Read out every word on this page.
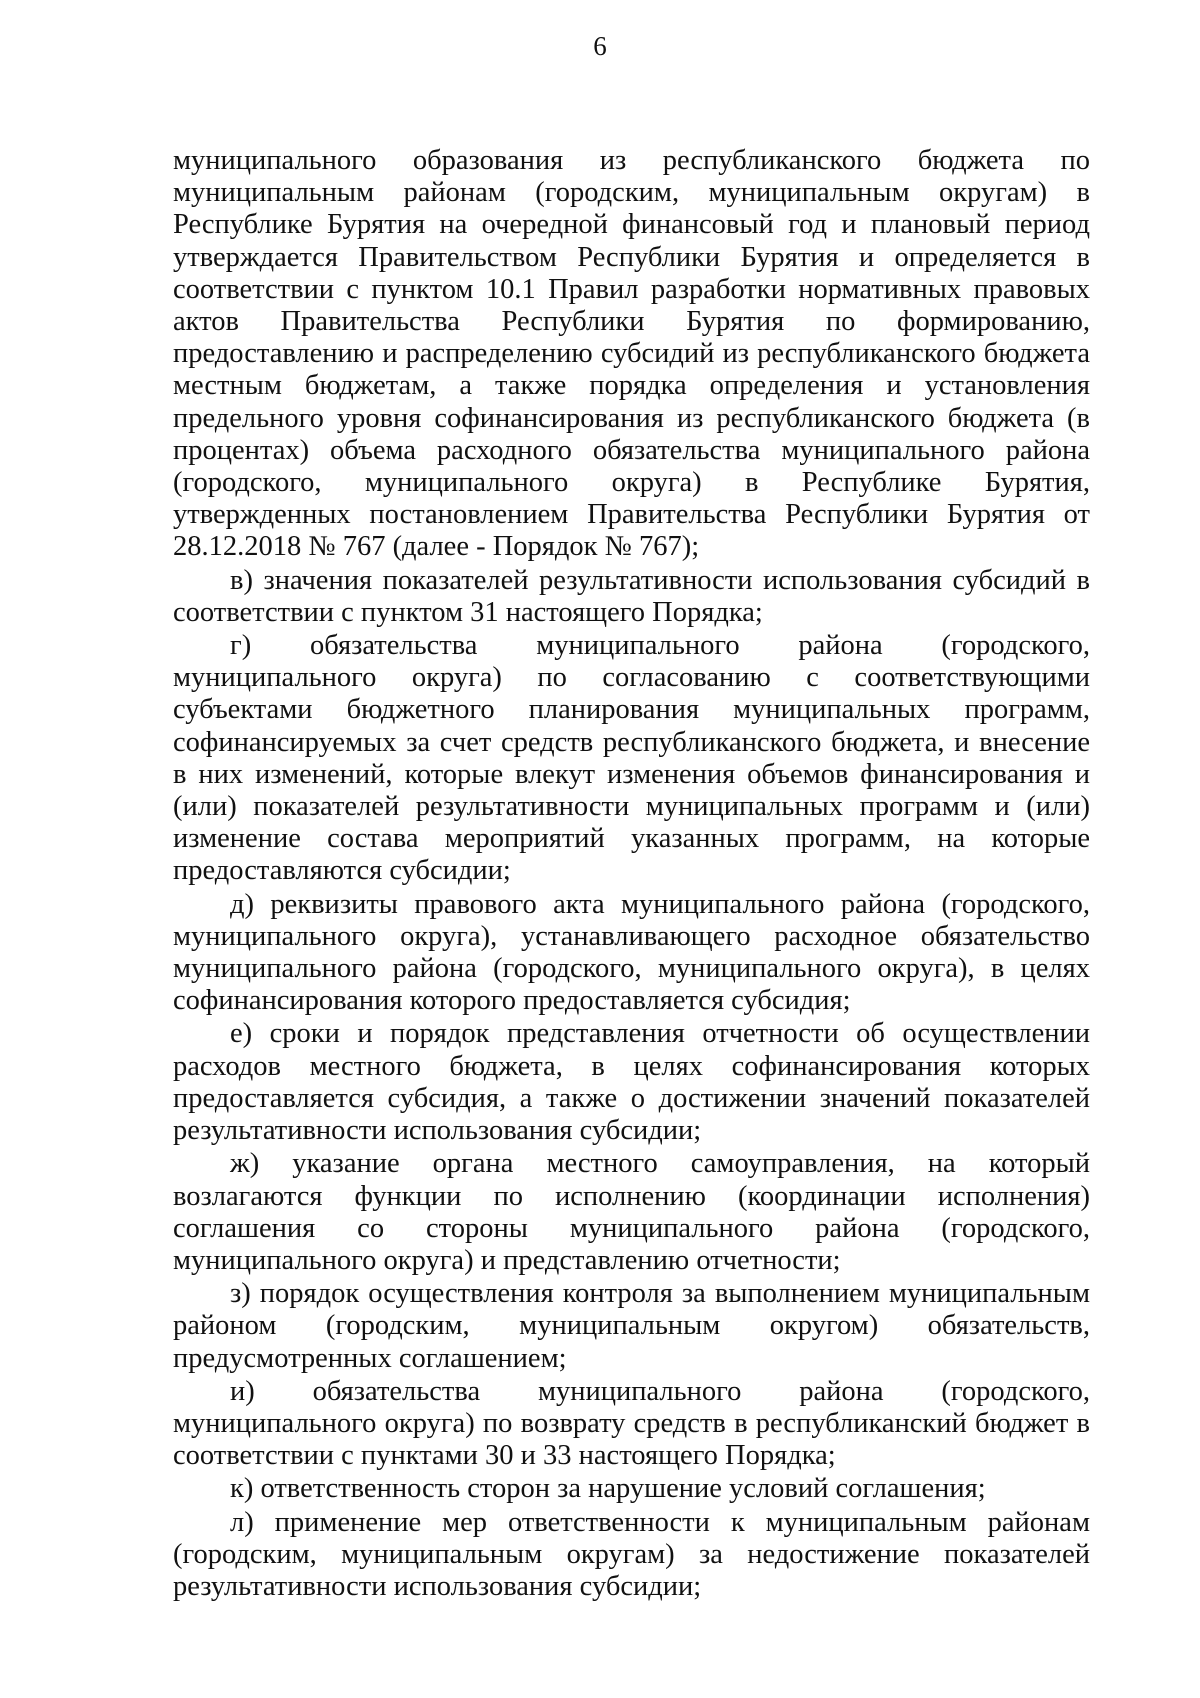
6

муниципального образования из республиканского бюджета по муниципальным районам (городским, муниципальным округам) в Республике Бурятия на очередной финансовый год и плановый период утверждается Правительством Республики Бурятия и определяется в соответствии с пунктом 10.1 Правил разработки нормативных правовых актов Правительства Республики Бурятия по формированию, предоставлению и распределению субсидий из республиканского бюджета местным бюджетам, а также порядка определения и установления предельного уровня софинансирования из республиканского бюджета (в процентах) объема расходного обязательства муниципального района (городского, муниципального округа) в Республике Бурятия, утвержденных постановлением Правительства Республики Бурятия от 28.12.2018 № 767 (далее - Порядок № 767);

в) значения показателей результативности использования субсидий в соответствии с пунктом 31 настоящего Порядка;

г) обязательства муниципального района (городского, муниципального округа) по согласованию с соответствующими субъектами бюджетного планирования муниципальных программ, софинансируемых за счет средств республиканского бюджета, и внесение в них изменений, которые влекут изменения объемов финансирования и (или) показателей результативности муниципальных программ и (или) изменение состава мероприятий указанных программ, на которые предоставляются субсидии;

д) реквизиты правового акта муниципального района (городского, муниципального округа), устанавливающего расходное обязательство муниципального района (городского, муниципального округа), в целях софинансирования которого предоставляется субсидия;

е) сроки и порядок представления отчетности об осуществлении расходов местного бюджета, в целях софинансирования которых предоставляется субсидия, а также о достижении значений показателей результативности использования субсидии;

ж) указание органа местного самоуправления, на который возлагаются функции по исполнению (координации исполнения) соглашения со стороны муниципального района (городского, муниципального округа) и представлению отчетности;

з) порядок осуществления контроля за выполнением муниципальным районом (городским, муниципальным округом) обязательств, предусмотренных соглашением;

и) обязательства муниципального района (городского, муниципального округа) по возврату средств в республиканский бюджет в соответствии с пунктами 30 и 33 настоящего Порядка;

к) ответственность сторон за нарушение условий соглашения;

л) применение мер ответственности к муниципальным районам (городским, муниципальным округам) за недостижение показателей результативности использования субсидии;
